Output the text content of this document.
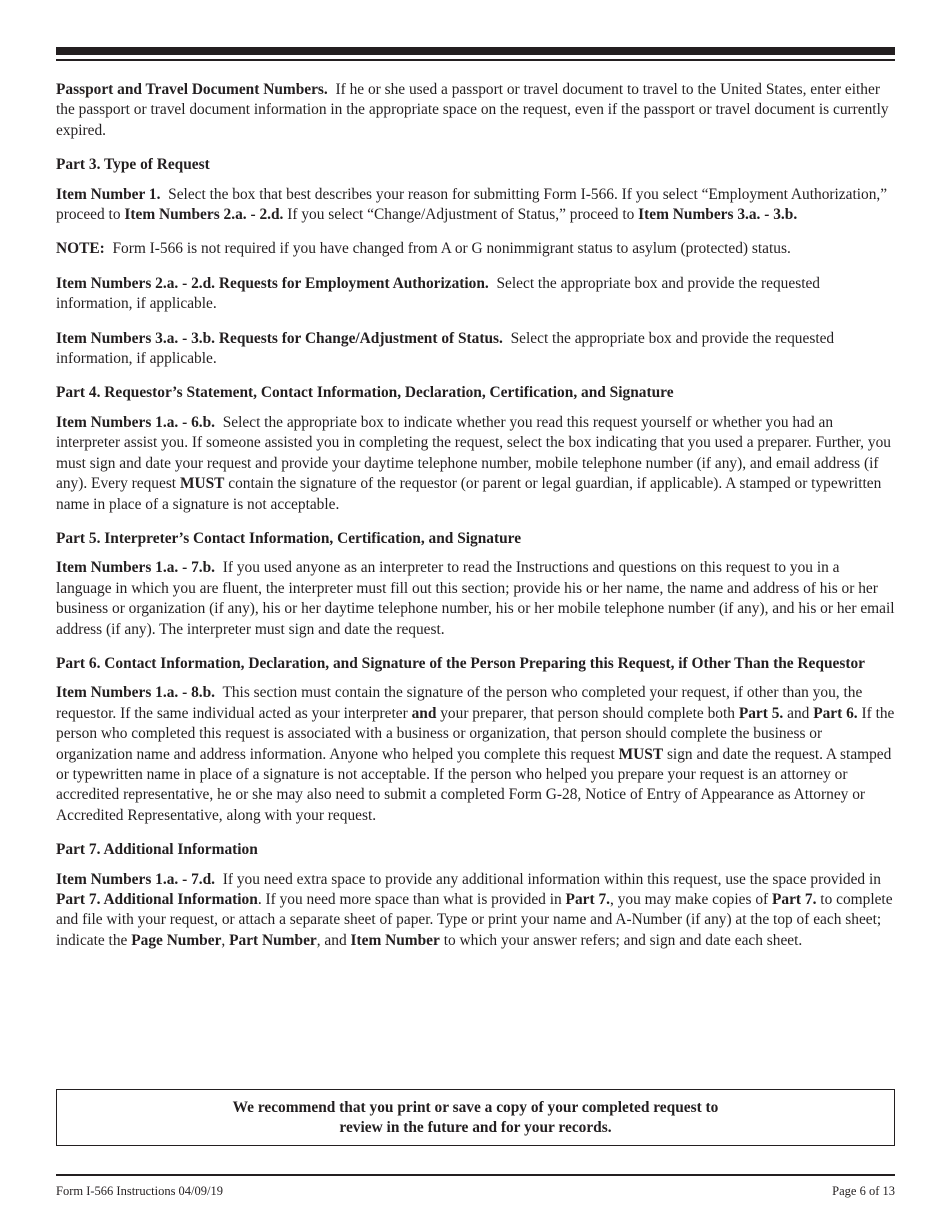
Passport and Travel Document Numbers. If he or she used a passport or travel document to travel to the United States, enter either the passport or travel document information in the appropriate space on the request, even if the passport or travel document is currently expired.

Part 3. Type of Request

Item Number 1. Select the box that best describes your reason for submitting Form I-566. If you select “Employment Authorization,” proceed to Item Numbers 2.a. - 2.d. If you select “Change/Adjustment of Status,” proceed to Item Numbers 3.a. - 3.b.

NOTE: Form I-566 is not required if you have changed from A or G nonimmigrant status to asylum (protected) status.

Item Numbers 2.a. - 2.d. Requests for Employment Authorization. Select the appropriate box and provide the requested information, if applicable.

Item Numbers 3.a. - 3.b. Requests for Change/Adjustment of Status. Select the appropriate box and provide the requested information, if applicable.

Part 4. Requestor’s Statement, Contact Information, Declaration, Certification, and Signature

Item Numbers 1.a. - 6.b. Select the appropriate box to indicate whether you read this request yourself or whether you had an interpreter assist you. If someone assisted you in completing the request, select the box indicating that you used a preparer. Further, you must sign and date your request and provide your daytime telephone number, mobile telephone number (if any), and email address (if any). Every request MUST contain the signature of the requestor (or parent or legal guardian, if applicable). A stamped or typewritten name in place of a signature is not acceptable.

Part 5. Interpreter’s Contact Information, Certification, and Signature

Item Numbers 1.a. - 7.b. If you used anyone as an interpreter to read the Instructions and questions on this request to you in a language in which you are fluent, the interpreter must fill out this section; provide his or her name, the name and address of his or her business or organization (if any), his or her daytime telephone number, his or her mobile telephone number (if any), and his or her email address (if any). The interpreter must sign and date the request.

Part 6. Contact Information, Declaration, and Signature of the Person Preparing this Request, if Other Than the Requestor

Item Numbers 1.a. - 8.b. This section must contain the signature of the person who completed your request, if other than you, the requestor. If the same individual acted as your interpreter and your preparer, that person should complete both Part 5. and Part 6. If the person who completed this request is associated with a business or organization, that person should complete the business or organization name and address information. Anyone who helped you complete this request MUST sign and date the request. A stamped or typewritten name in place of a signature is not acceptable. If the person who helped you prepare your request is an attorney or accredited representative, he or she may also need to submit a completed Form G-28, Notice of Entry of Appearance as Attorney or Accredited Representative, along with your request.

Part 7. Additional Information

Item Numbers 1.a. - 7.d. If you need extra space to provide any additional information within this request, use the space provided in Part 7. Additional Information. If you need more space than what is provided in Part 7., you may make copies of Part 7. to complete and file with your request, or attach a separate sheet of paper. Type or print your name and A-Number (if any) at the top of each sheet; indicate the Page Number, Part Number, and Item Number to which your answer refers; and sign and date each sheet.

We recommend that you print or save a copy of your completed request to
review in the future and for your records.
Form I-566 Instructions 04/09/19	Page 6 of 13
